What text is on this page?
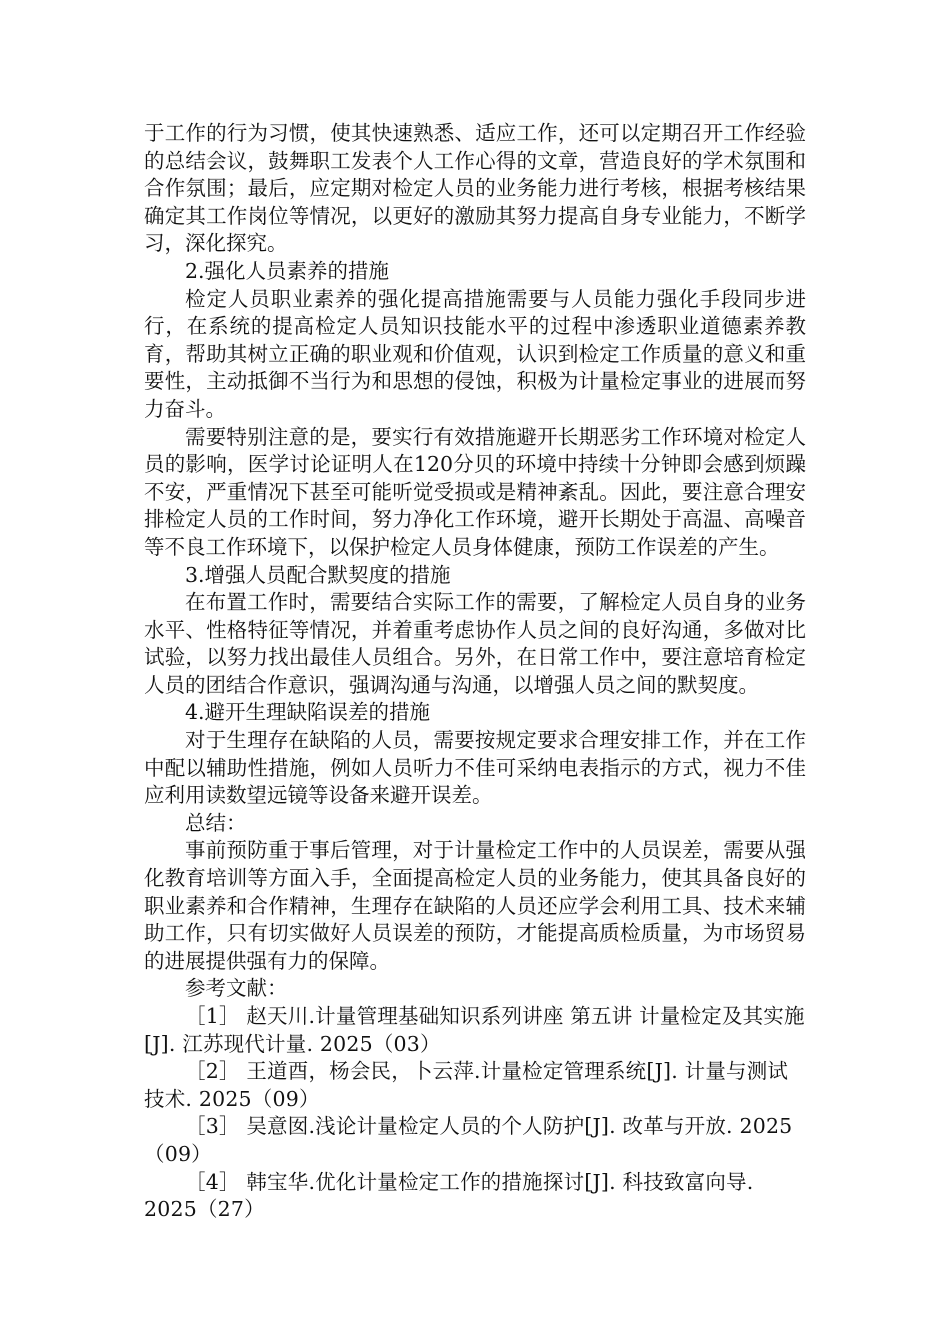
于工作的行为习惯，使其快速熟悉、适应工作，还可以定期召开工作经验的总结会议，鼓舞职工发表个人工作心得的文章，营造良好的学术氛围和合作氛围；最后，应定期对检定人员的业务能力进行考核，根据考核结果确定其工作岗位等情况，以更好的激励其努力提高自身专业能力，不断学习，深化探究。

2.强化人员素养的措施

检定人员职业素养的强化提高措施需要与人员能力强化手段同步进行，在系统的提高检定人员知识技能水平的过程中渗透职业道德素养教育，帮助其树立正确的职业观和价值观，认识到检定工作质量的意义和重要性，主动抵御不当行为和思想的侵蚀，积极为计量检定事业的进展而努力奋斗。

需要特别注意的是，要实行有效措施避开长期恶劣工作环境对检定人员的影响，医学讨论证明人在120分贝的环境中持续十分钟即会感到烦躁不安，严重情况下甚至可能听觉受损或是精神紊乱。因此，要注意合理安排检定人员的工作时间，努力净化工作环境，避开长期处于高温、高噪音等不良工作环境下，以保护检定人员身体健康，预防工作误差的产生。

3.增强人员配合默契度的措施

在布置工作时，需要结合实际工作的需要，了解检定人员自身的业务水平、性格特征等情况，并着重考虑协作人员之间的良好沟通，多做对比试验，以努力找出最佳人员组合。另外，在日常工作中，要注意培育检定人员的团结合作意识，强调沟通与沟通，以增强人员之间的默契度。

4.避开生理缺陷误差的措施

对于生理存在缺陷的人员，需要按规定要求合理安排工作，并在工作中配以辅助性措施，例如人员听力不佳可采纳电表指示的方式，视力不佳应利用读数望远镜等设备来避开误差。

总结：

事前预防重于事后管理，对于计量检定工作中的人员误差，需要从强化教育培训等方面入手，全面提高检定人员的业务能力，使其具备良好的职业素养和合作精神，生理存在缺陷的人员还应学会利用工具、技术来辅助工作，只有切实做好人员误差的预防，才能提高质检质量，为市场贸易的进展提供强有力的保障。

参考文献：

［1］ 赵天川.计量管理基础知识系列讲座 第五讲 计量检定及其实施[J]. 江苏现代计量. 2025（03）

［2］ 王道酉，杨会民，卜云萍.计量检定管理系统[J]. 计量与测试技术. 2025（09）

［3］ 吴意囡.浅论计量检定人员的个人防护[J]. 改革与开放. 2025（09）

［4］ 韩宝华.优化计量检定工作的措施探讨[J]. 科技致富向导. 2025（27）
